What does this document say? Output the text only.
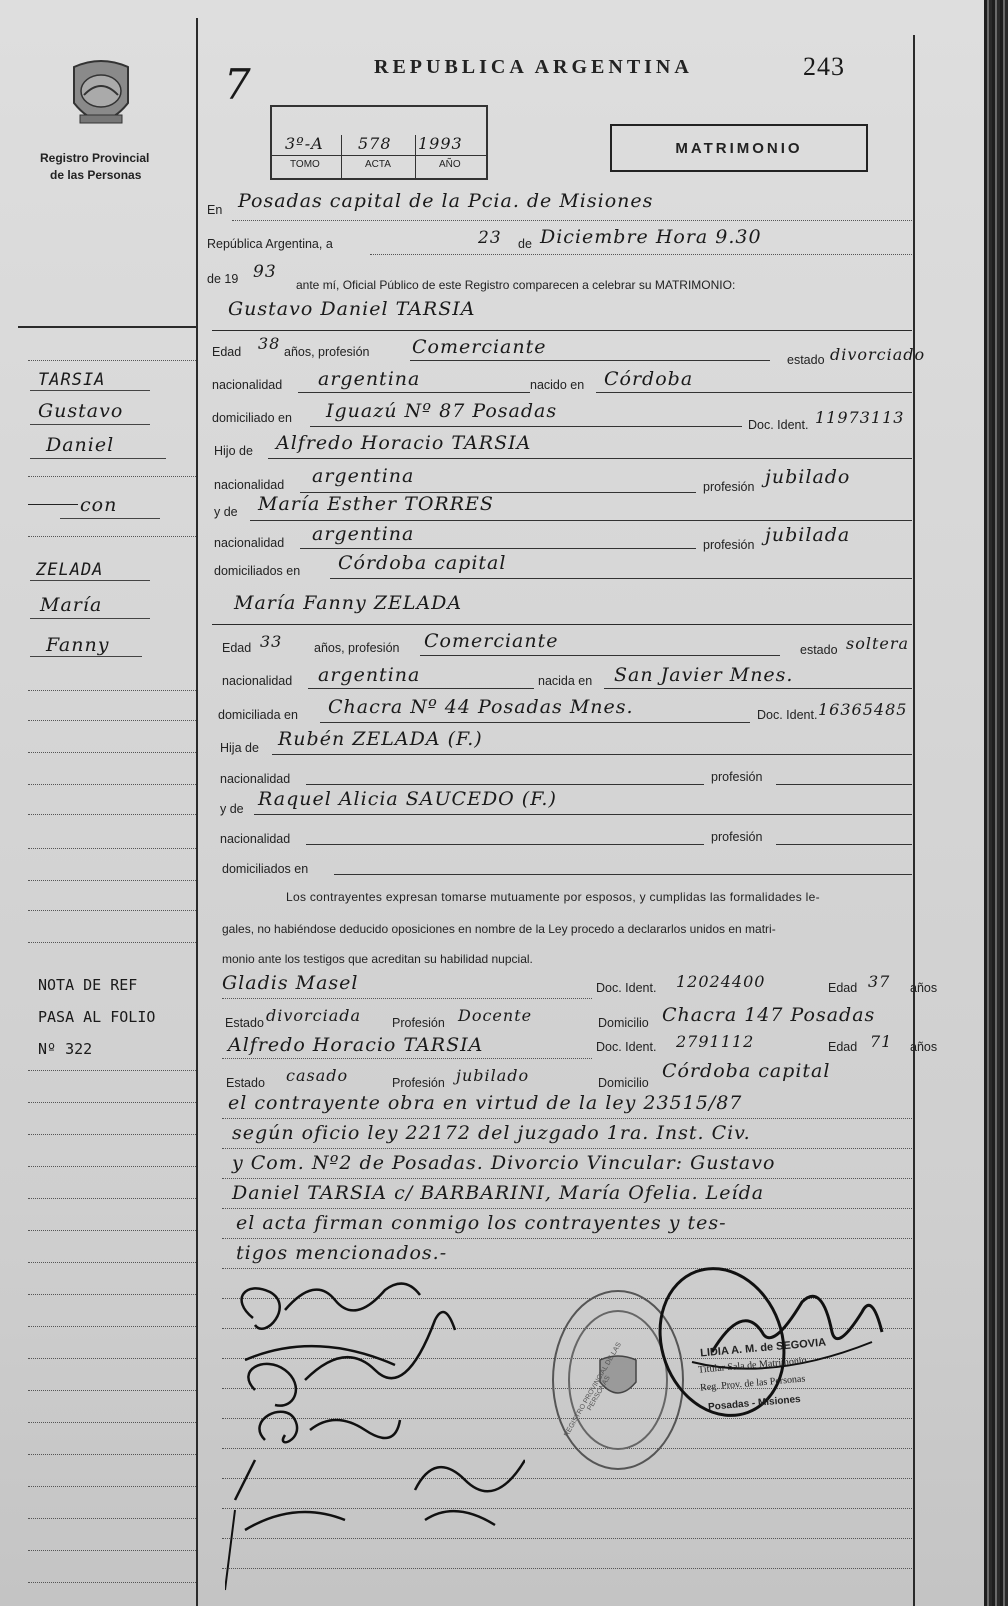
Registro Provincial
de las Personas
REPUBLICA ARGENTINA	243
7
3º-A 578 1993
TOMO	ACTA	AÑO
MATRIMONIO
En Posadas capital de la Pcia. de Misiones
República Argentina, a	23 de Diciembre Hora 9.30
de 19 93
ante mí, Oficial Público de este Registro comparecen a celebrar su MATRIMONIO:
Gustavo Daniel TARSIA
Edad 38 años, profesión Comerciante
estado divorciado
nacionalidad argentina	nacido en Córdoba
domiciliado en Iguazú Nº 87 Posadas
Doc. Ident. 11973113
Hijo de Alfredo Horacio TARSIA
nacionalidad argentina	profesión jubilado
y de María Esther TORRES
nacionalidad argentina	profesión jubilada
domiciliados en Córdoba capital
María Fanny ZELADA
Edad 33	años, profesión Comerciante	estado soltera
nacionalidad argentina	nacida en San Javier Mnes.
domiciliada en Chacra Nº 44 Posadas Mnes.	Doc. Ident. 16365485
Hija de Rubén ZELADA (F.)
nacionalidad	profesión
y de Raquel Alicia SAUCEDO (F.)
nacionalidad	profesión
domiciliados en
Los contrayentes expresan tomarse mutuamente por esposos, y cumplidas las formalidades le-
gales, no habiéndose deducido oposiciones en nombre de la Ley procedo a declararlos unidos en matri-
monio ante los testigos que acreditan su habilidad nupcial.
Gladis Masel	Doc. Ident. 12024400	Edad 37 años
Estado divorciada Profesión Docente	Domicilio Chacra 147 Posadas
Alfredo Horacio TARSIA	Doc. Ident. 2791112	Edad 71 años
Estado casado	Profesión jubilado	Domicilio
Córdoba capital
el contrayente obra en virtud de la ley 23515/87
según oficio ley 22172 del juzgado 1ra. Inst. Civ.
y Com. Nº2 de Posadas. Divorcio Vincular: Gustavo
Daniel TARSIA c/ BARBARINI, María Ofelia. Leída
el acta firman conmigo los contrayentes y tes-
tigos mencionados.-
REGISTRO PROVINCIAL DE LAS PERSONAS
LIDIA A. M. de SEGOVIA
Titular Sala de Matrimonio
Reg. Prov. de las Personas
Posadas - Misiones
TARSIA
Gustavo
Daniel
con
ZELADA
María
Fanny
NOTA DE REF
PASA AL FOLIO
Nº 322
